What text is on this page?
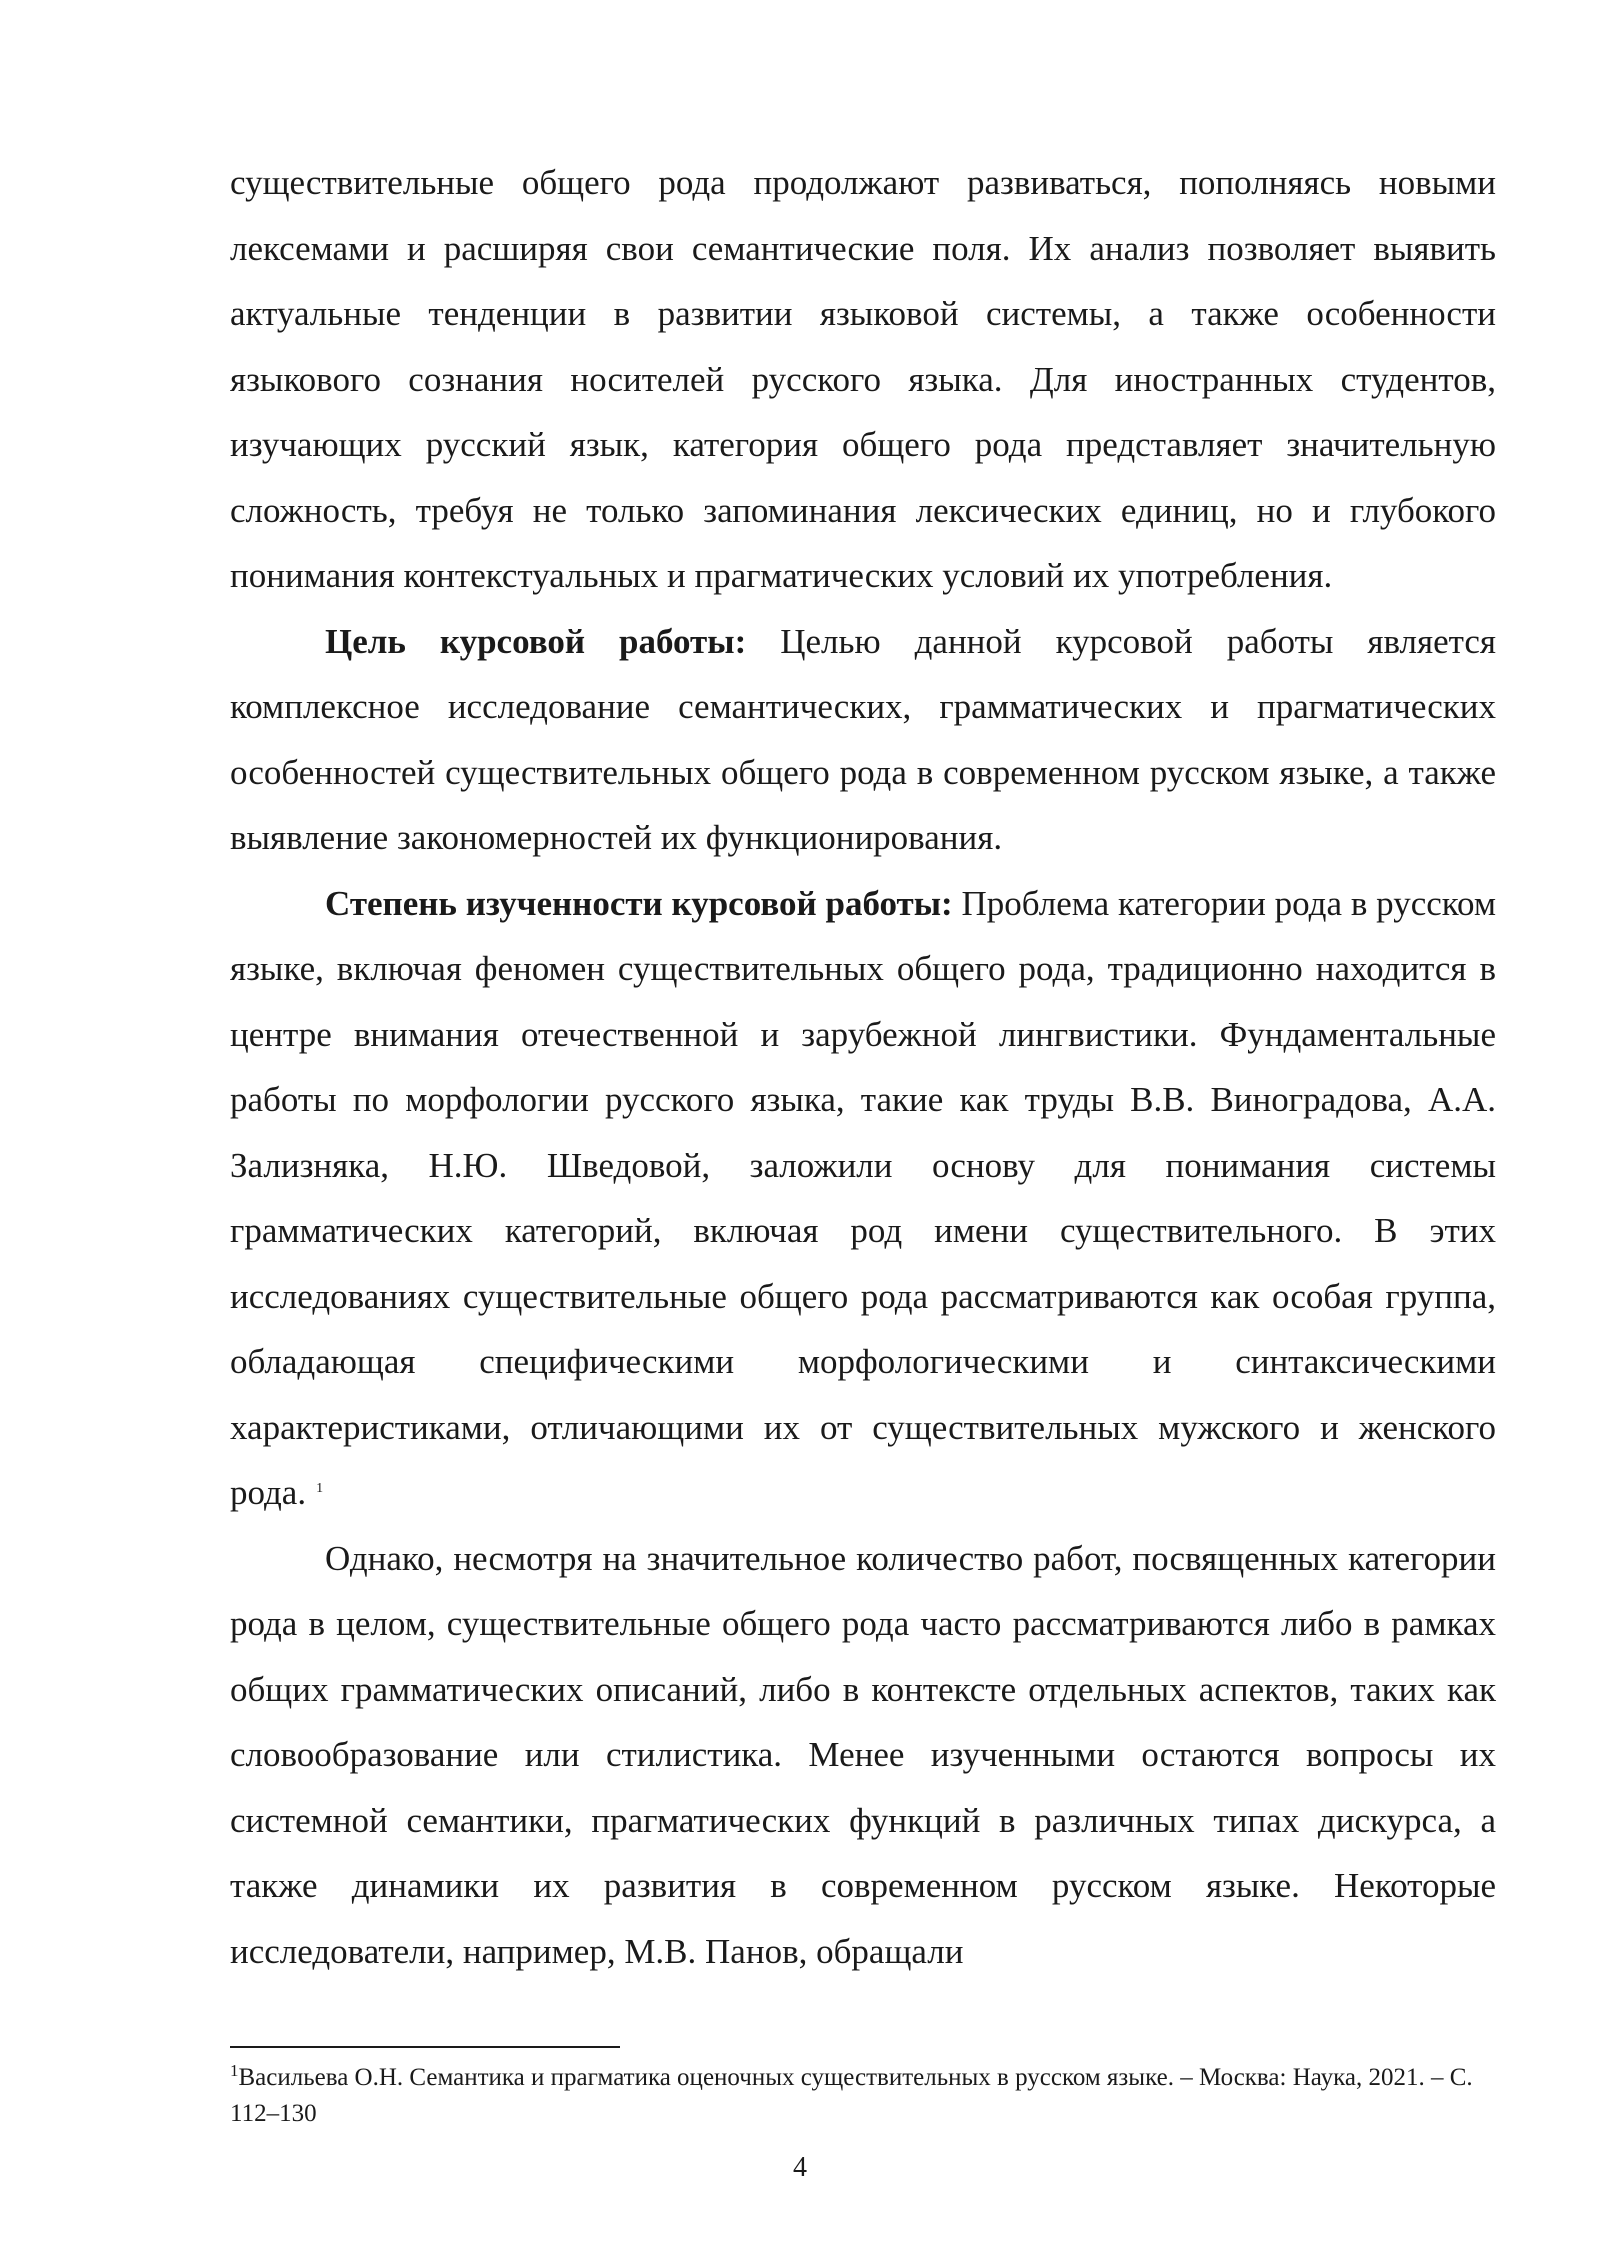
существительные общего рода продолжают развиваться, пополняясь новыми лексемами и расширяя свои семантические поля. Их анализ позволяет выявить актуальные тенденции в развитии языковой системы, а также особенности языкового сознания носителей русского языка. Для иностранных студентов, изучающих русский язык, категория общего рода представляет значительную сложность, требуя не только запоминания лексических единиц, но и глубокого понимания контекстуальных и прагматических условий их употребления.

Цель курсовой работы: Целью данной курсовой работы является комплексное исследование семантических, грамматических и прагматических особенностей существительных общего рода в современном русском языке, а также выявление закономерностей их функционирования.

Степень изученности курсовой работы: Проблема категории рода в русском языке, включая феномен существительных общего рода, традиционно находится в центре внимания отечественной и зарубежной лингвистики. Фундаментальные работы по морфологии русского языка, такие как труды В.В. Виноградова, А.А. Зализняка, Н.Ю. Шведовой, заложили основу для понимания системы грамматических категорий, включая род имени существительного. В этих исследованиях существительные общего рода рассматриваются как особая группа, обладающая специфическими морфологическими и синтаксическими характеристиками, отличающими их от существительных мужского и женского рода. $^1$

Однако, несмотря на значительное количество работ, посвященных категории рода в целом, существительные общего рода часто рассматриваются либо в рамках общих грамматических описаний, либо в контексте отдельных аспектов, таких как словообразование или стилистика. Менее изученными остаются вопросы их системной семантики, прагматических функций в различных типах дискурса, а также динамики их развития в современном русском языке. Некоторые исследователи, например, М.В. Панов, обращали

$^1$Васильева О.Н. Семантика и прагматика оценочных существительных в русском языке. – Москва: Наука, 2021. – С. 112–130

4
